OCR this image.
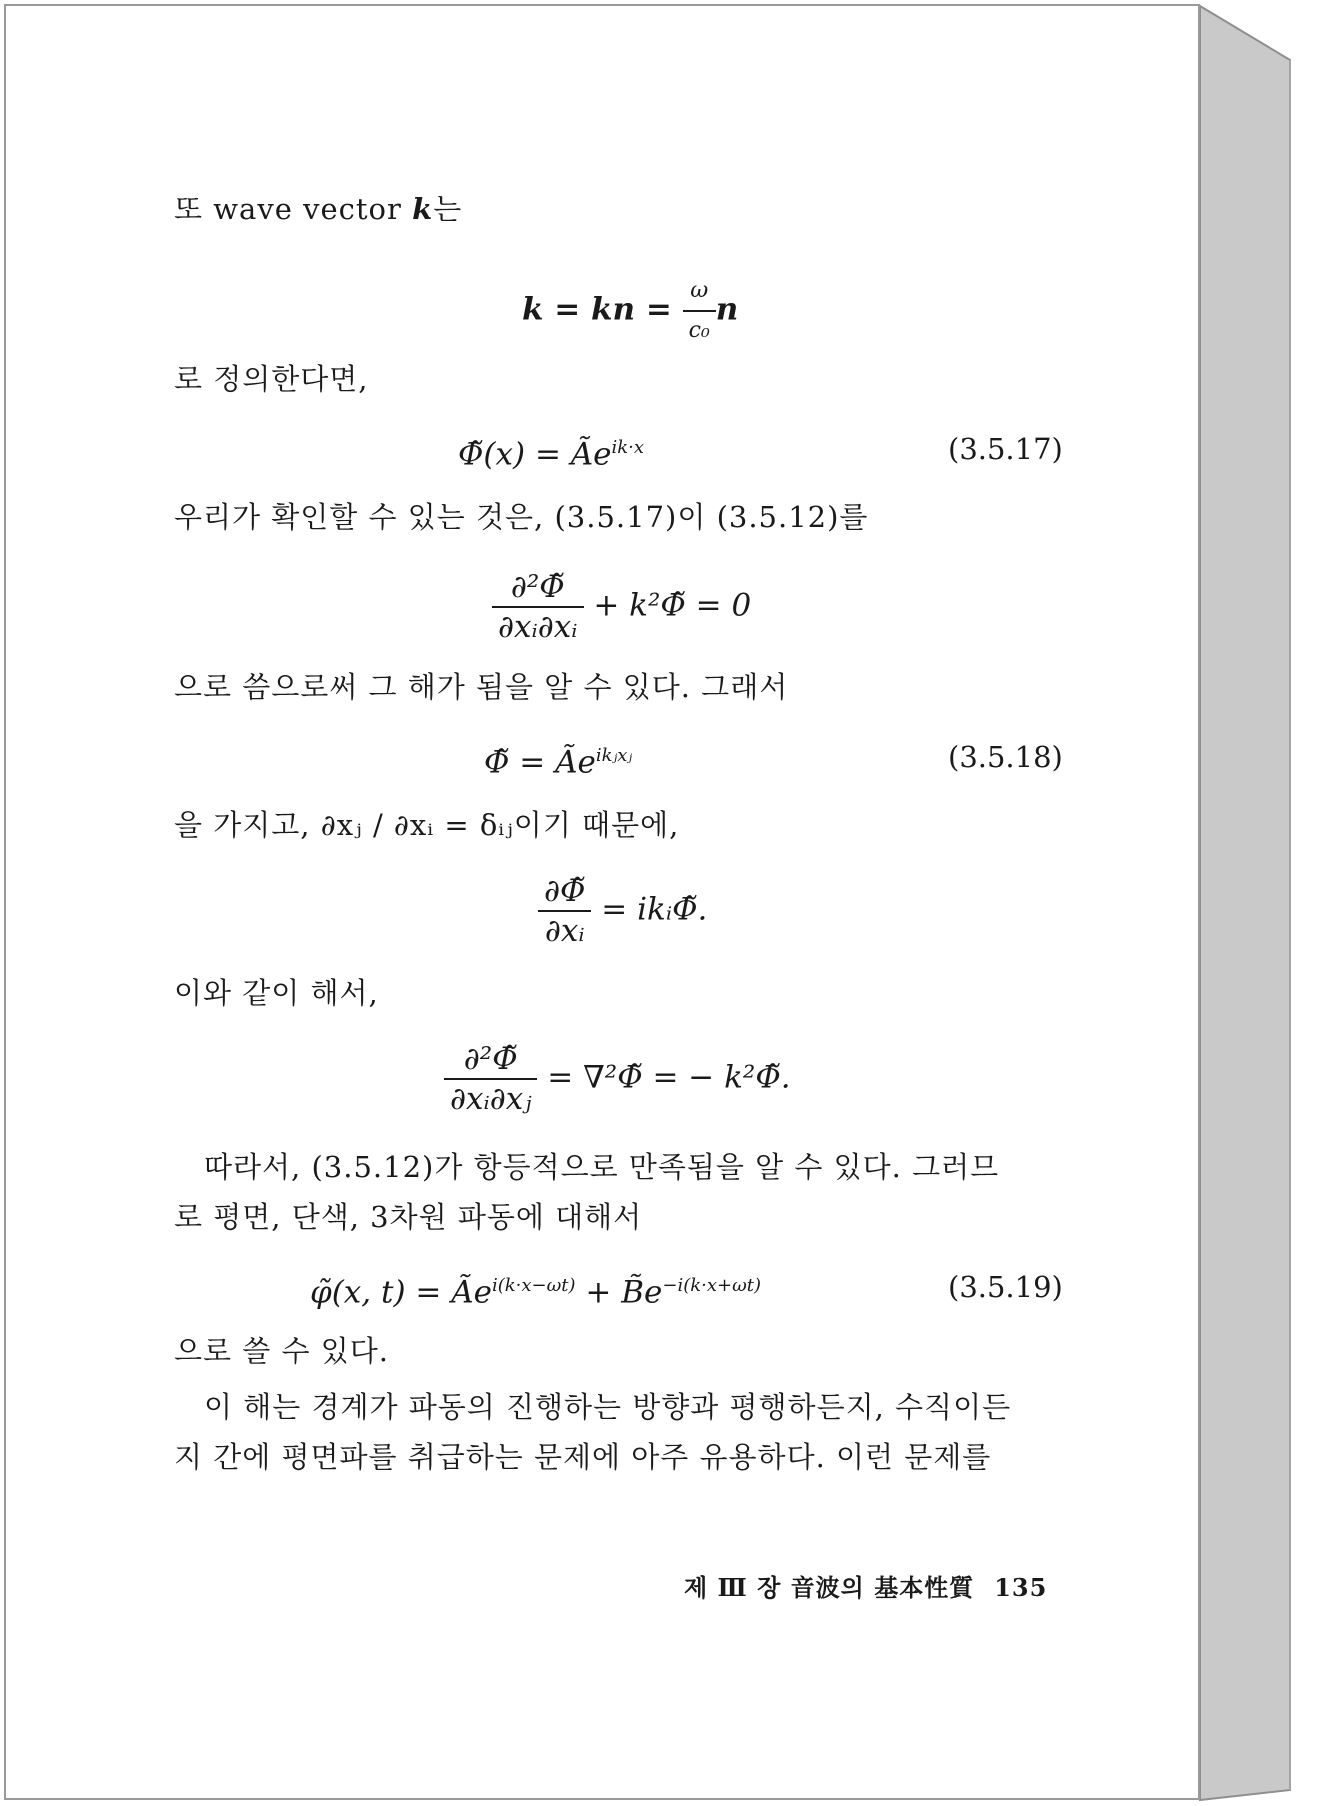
또 wave vector k는
k = kn = $\frac{\omega}{\text{c₀}}$ n
로 정의한다면,
Φ̃(x) = $Ãe^{ik\cdot x}$	(3.5.17)
우리가 확인할 수 있는 것은, (3.5.17)이 (3.5.12)를
$\frac{\text{∂²Φ̃}}{\text{∂xᵢ∂xᵢ}}$ + k²Φ̃ = 0
으로 씀으로써 그 해가 됨을 알 수 있다. 그래서
Φ̃ = $Ãe^{ikⱼxⱼ}$	(3.5.18)
을 가지고, ∂xⱼ / ∂xᵢ = δᵢⱼ이기 때문에,
$\frac{\partial\Phĩ}{\text{∂xᵢ}}$ = ikᵢΦ̃.
이와 같이 해서,
$\frac{\text{∂²Φ̃}}{\text{∂xᵢ∂xⱼ}}$ = ∇²Φ̃ = − k²Φ̃.
따라서, (3.5.12)가 항등적으로 만족됨을 알 수 있다. 그러므
로 평면, 단색, 3차원 파동에 대해서
φ̃(x, $t) = Ãe^{i(k\cdot x-\omega t)}$ + $B̃e^{-i(k\cdot x+\omega t)}$	(3.5.19)
으로 쓸 수 있다.
이 해는 경계가 파동의 진행하는 방향과 평행하든지, 수직이든
지 간에 평면파를 취급하는 문제에 아주 유용하다. 이런 문제를
제 Ⅲ 장 音波의 基本性質 135
